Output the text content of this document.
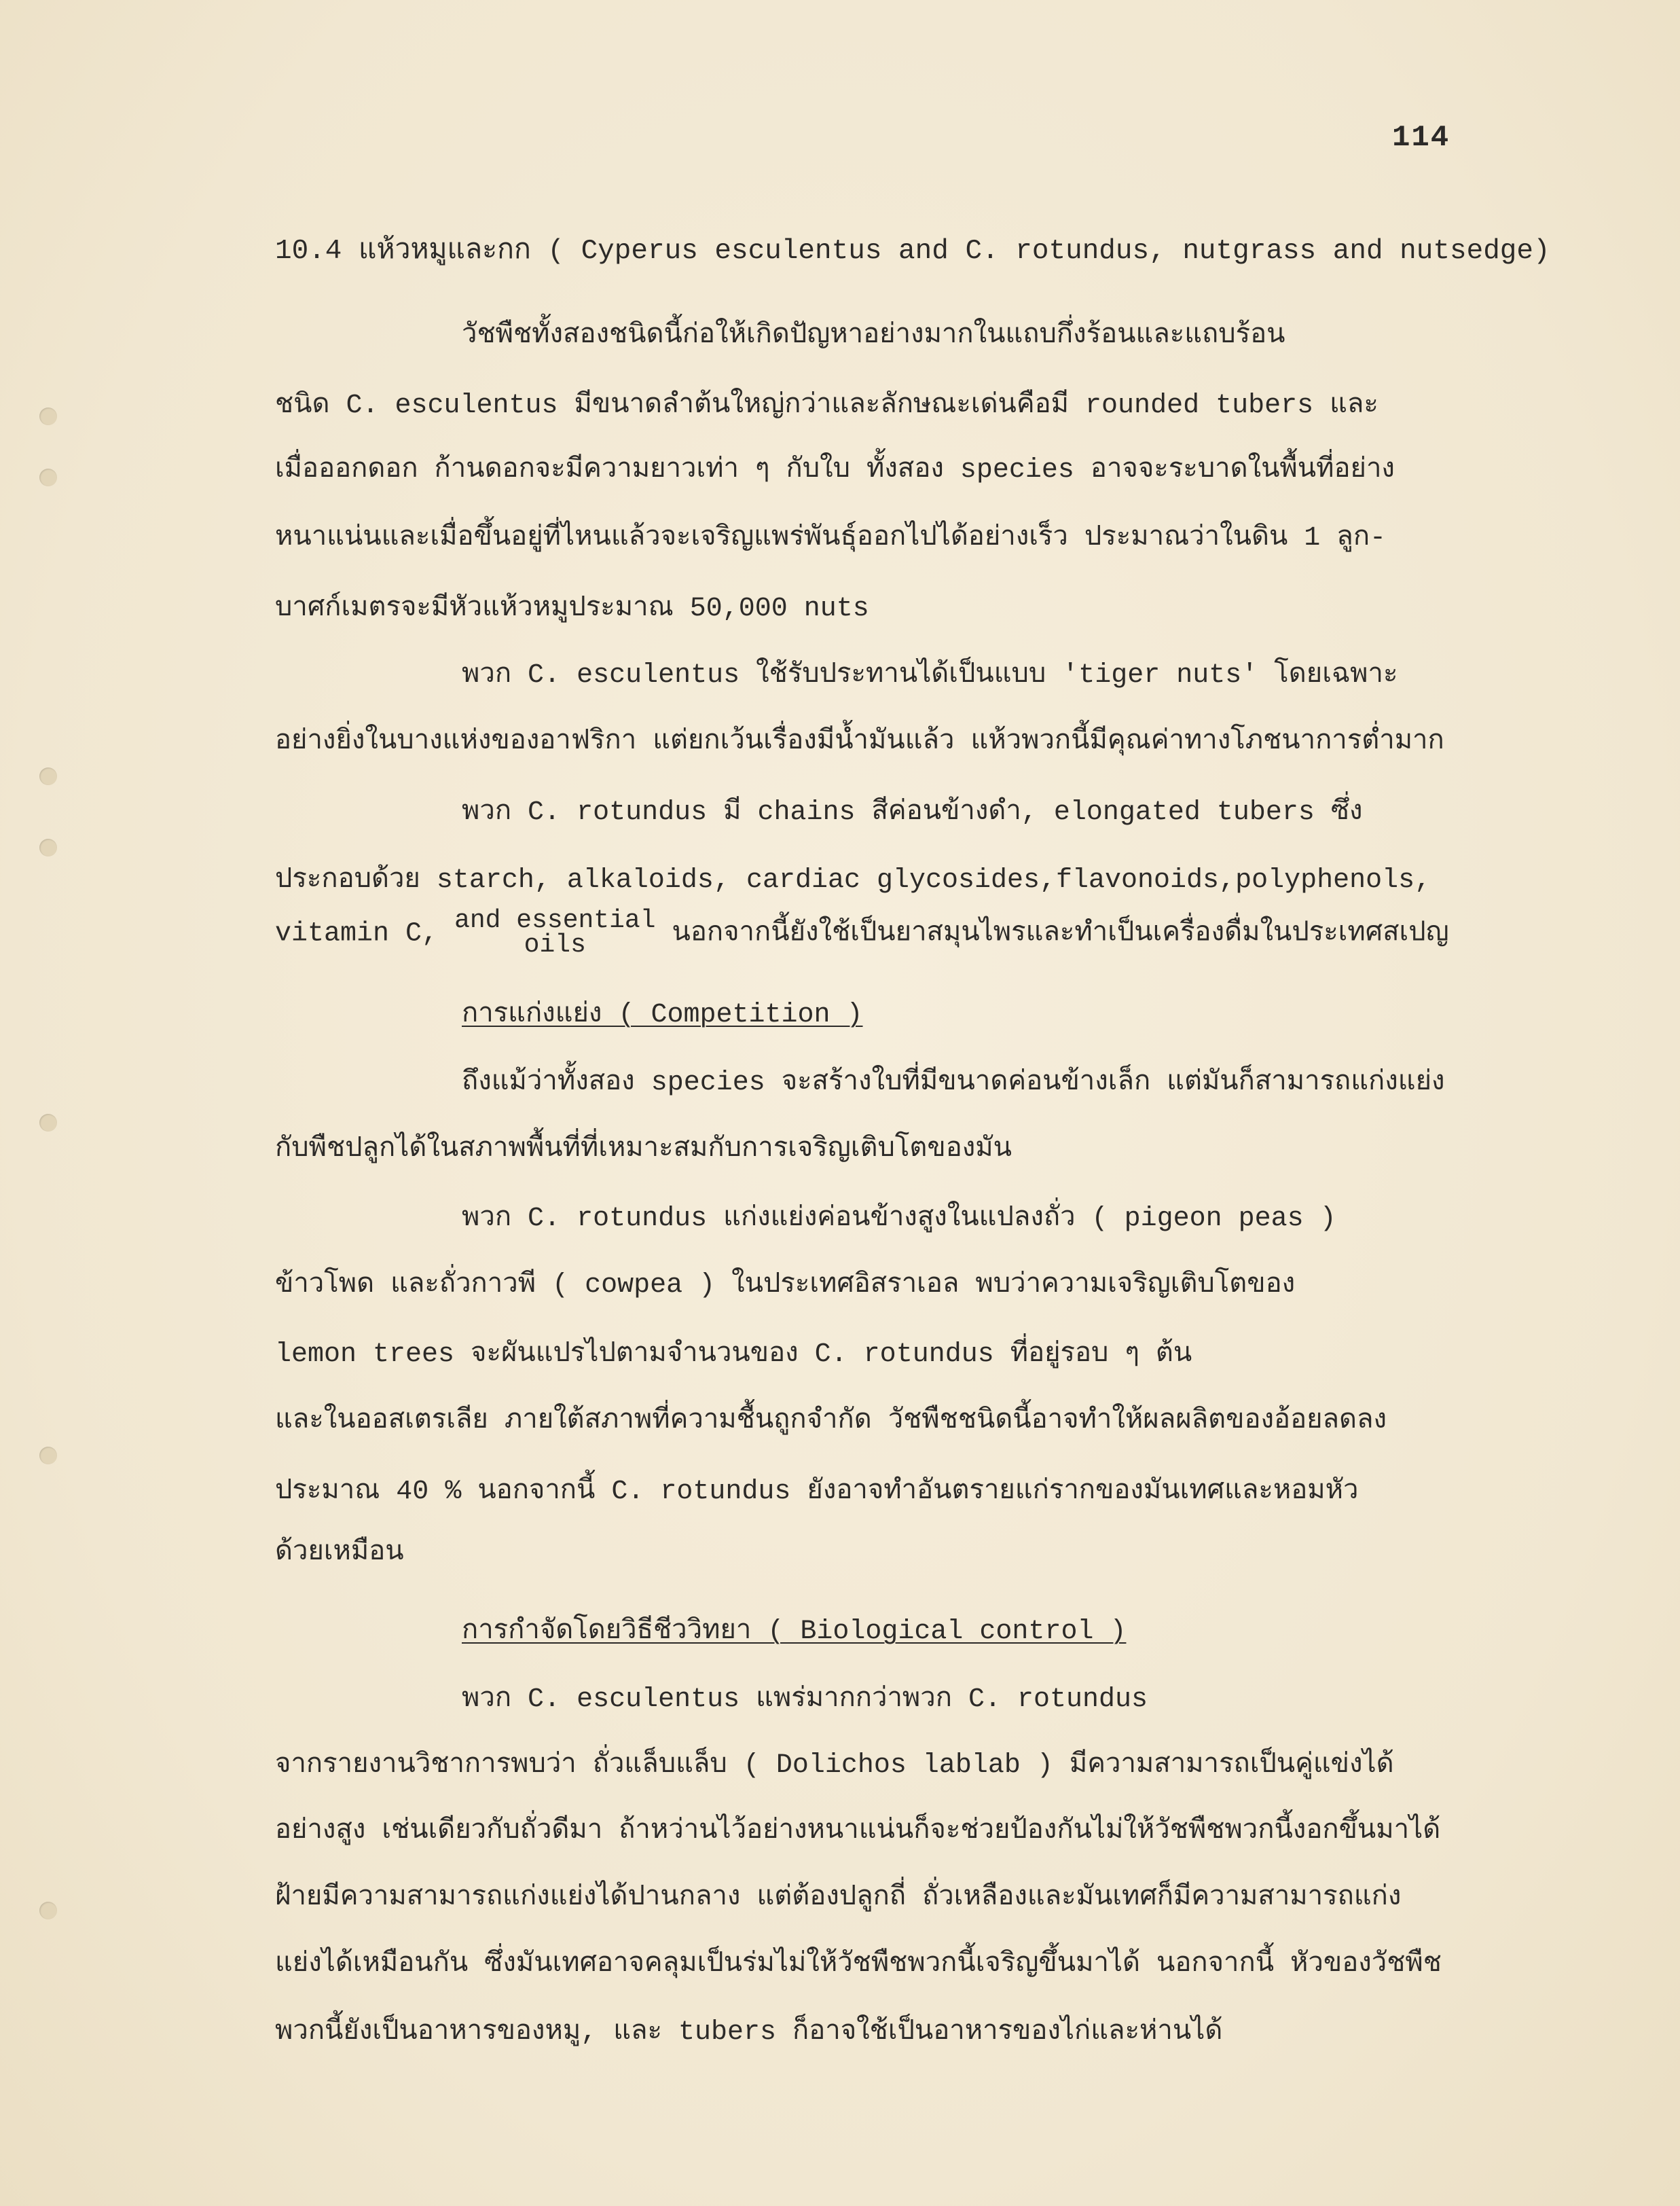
114
10.4 แห้วหมูและกก ( Cyperus esculentus and C. rotundus, nutgrass and nutsedge)
วัชพืชทั้งสองชนิดนี้ก่อให้เกิดปัญหาอย่างมากในแถบกึ่งร้อนและแถบร้อน
ชนิด C. esculentus มีขนาดลำต้นใหญ่กว่าและลักษณะเด่นคือมี rounded tubers และ
เมื่อออกดอก ก้านดอกจะมีความยาวเท่า ๆ กับใบ ทั้งสอง species อาจจะระบาดในพื้นที่อย่าง
หนาแน่นและเมื่อขึ้นอยู่ที่ไหนแล้วจะเจริญแพร่พันธุ์ออกไปได้อย่างเร็ว ประมาณว่าในดิน 1 ลูก-
บาศก์เมตรจะมีหัวแห้วหมูประมาณ 50,000 nuts
พวก C. esculentus ใช้รับประทานได้เป็นแบบ 'tiger nuts' โดยเฉพาะ
อย่างยิ่งในบางแห่งของอาฟริกา แต่ยกเว้นเรื่องมีน้ำมันแล้ว แห้วพวกนี้มีคุณค่าทางโภชนาการต่ำมาก
พวก C. rotundus มี chains สีค่อนข้างดำ, elongated tubers ซึ่ง
ประกอบด้วย starch, alkaloids, cardiac glycosides,flavonoids,polyphenols,
vitamin C, and essential
oils	นอกจากนี้ยังใช้เป็นยาสมุนไพรและทำเป็นเครื่องดื่มในประเทศสเปญ
การแก่งแย่ง ( Competition )
ถึงแม้ว่าทั้งสอง species จะสร้างใบที่มีขนาดค่อนข้างเล็ก แต่มันก็สามารถแก่งแย่ง
กับพืชปลูกได้ในสภาพพื้นที่ที่เหมาะสมกับการเจริญเติบโตของมัน
พวก C. rotundus แก่งแย่งค่อนข้างสูงในแปลงถั่ว ( pigeon peas )
ข้าวโพด และถั่วกาวพี ( cowpea ) ในประเทศอิสราเอล พบว่าความเจริญเติบโตของ
lemon trees จะผันแปรไปตามจำนวนของ C. rotundus ที่อยู่รอบ ๆ ต้น
และในออสเตรเลีย ภายใต้สภาพที่ความชื้นถูกจำกัด วัชพืชชนิดนี้อาจทำให้ผลผลิตของอ้อยลดลง
ประมาณ 40 % นอกจากนี้ C. rotundus ยังอาจทำอันตรายแก่รากของมันเทศและหอมหัว
ด้วยเหมือน
การกำจัดโดยวิธีชีววิทยา ( Biological control )
พวก C. esculentus แพร่มากกว่าพวก C. rotundus
จากรายงานวิชาการพบว่า ถั่วแล็บแล็บ ( Dolichos lablab ) มีความสามารถเป็นคู่แข่งได้
อย่างสูง เช่นเดียวกับถั่วดีมา ถ้าหว่านไว้อย่างหนาแน่นก็จะช่วยป้องกันไม่ให้วัชพืชพวกนี้งอกขึ้นมาได้
ฝ้ายมีความสามารถแก่งแย่งได้ปานกลาง แต่ต้องปลูกถี่ ถั่วเหลืองและมันเทศก็มีความสามารถแก่ง
แย่งได้เหมือนกัน ซึ่งมันเทศอาจคลุมเป็นร่มไม่ให้วัชพืชพวกนี้เจริญขึ้นมาได้ นอกจากนี้ หัวของวัชพืช
พวกนี้ยังเป็นอาหารของหมู, และ tubers ก็อาจใช้เป็นอาหารของไก่และห่านได้
